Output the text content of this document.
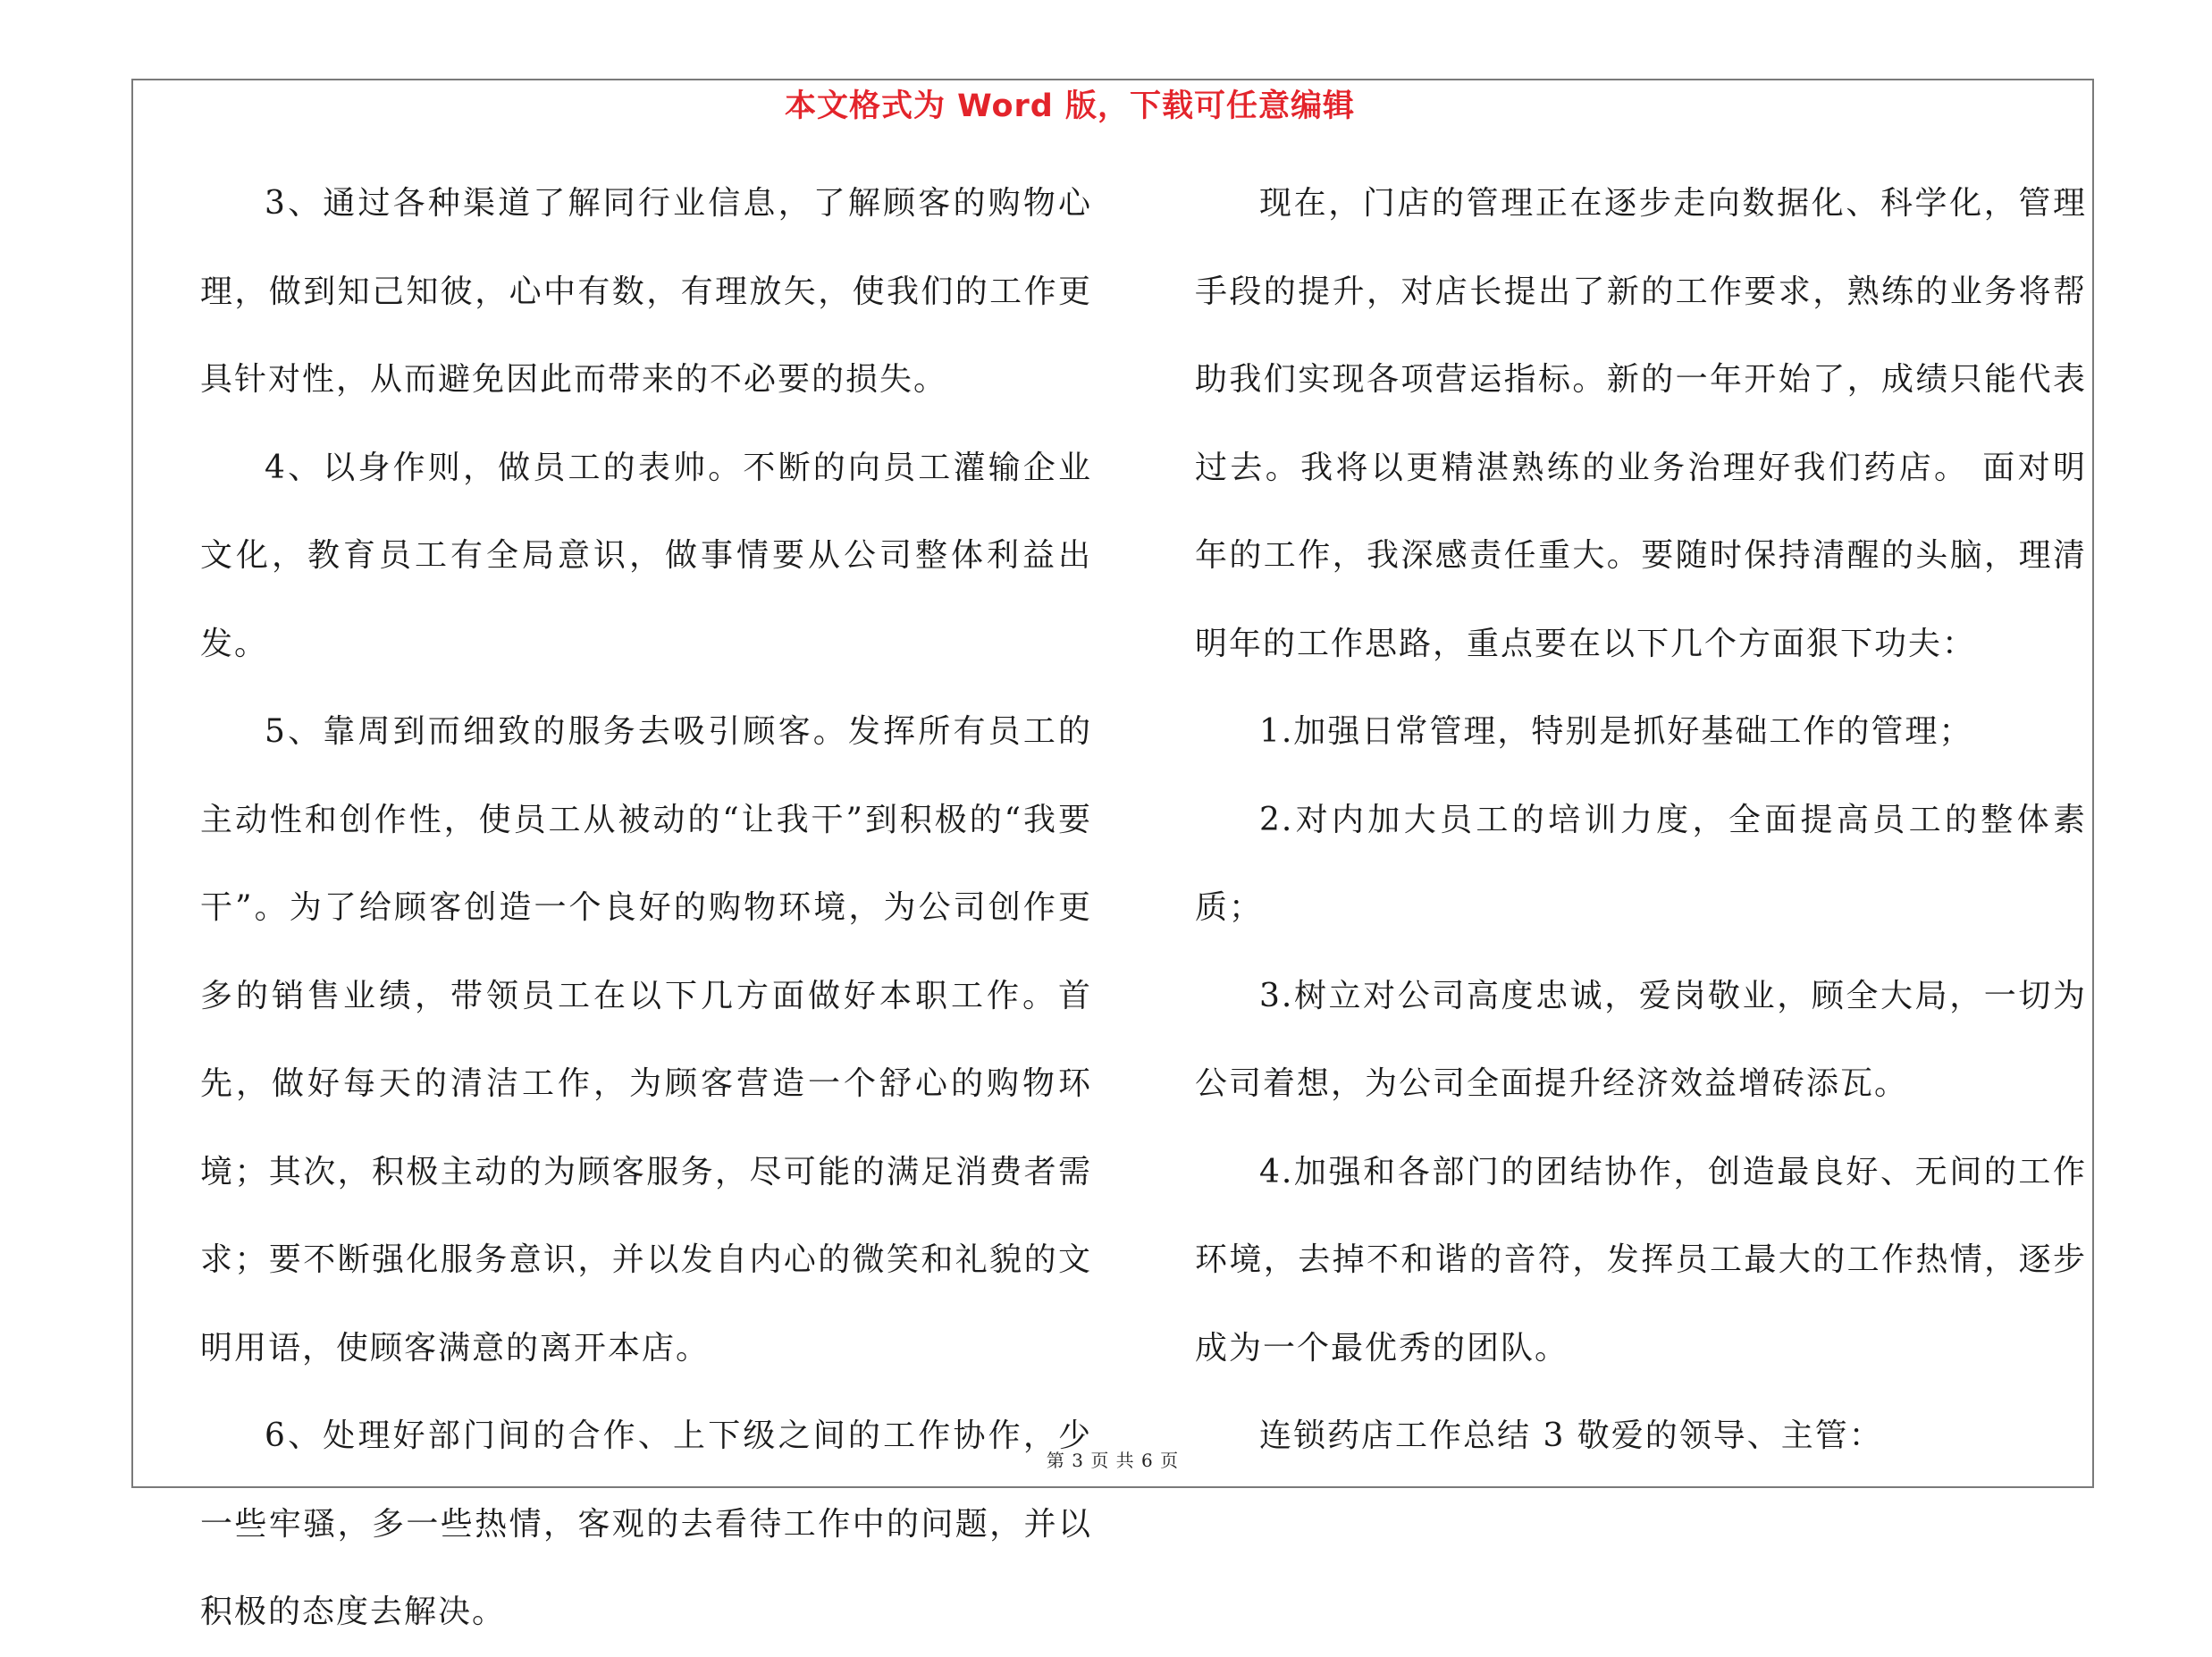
本文格式为 Word 版，下载可任意编辑

3、通过各种渠道了解同行业信息，了解顾客的购物心理，做到知己知彼，心中有数，有理放矢，使我们的工作更具针对性，从而避免因此而带来的不必要的损失。

4、以身作则，做员工的表帅。不断的向员工灌输企业文化，教育员工有全局意识，做事情要从公司整体利益出发。

5、靠周到而细致的服务去吸引顾客。发挥所有员工的主动性和创作性，使员工从被动的“让我干”到积极的“我要干”。为了给顾客创造一个良好的购物环境，为公司创作更多的销售业绩，带领员工在以下几方面做好本职工作。首先，做好每天的清洁工作，为顾客营造一个舒心的购物环境；其次，积极主动的为顾客服务，尽可能的满足消费者需求；要不断强化服务意识，并以发自内心的微笑和礼貌的文明用语，使顾客满意的离开本店。

6、处理好部门间的合作、上下级之间的工作协作，少一些牢骚，多一些热情，客观的去看待工作中的问题，并以积极的态度去解决。

现在，门店的管理正在逐步走向数据化、科学化，管理手段的提升，对店长提出了新的工作要求，熟练的业务将帮助我们实现各项营运指标。新的一年开始了，成绩只能代表过去。我将以更精湛熟练的业务治理好我们药店。 面对明年的工作，我深感责任重大。要随时保持清醒的头脑，理清明年的工作思路，重点要在以下几个方面狠下功夫：

1.加强日常管理，特别是抓好基础工作的管理；

2.对内加大员工的培训力度，全面提高员工的整体素质；

3.树立对公司高度忠诚，爱岗敬业，顾全大局，一切为公司着想，为公司全面提升经济效益增砖添瓦。

4.加强和各部门的团结协作，创造最良好、无间的工作环境，去掉不和谐的音符，发挥员工最大的工作热情，逐步成为一个最优秀的团队。

连锁药店工作总结 3 敬爱的领导、主管：

第 3 页 共 6 页
